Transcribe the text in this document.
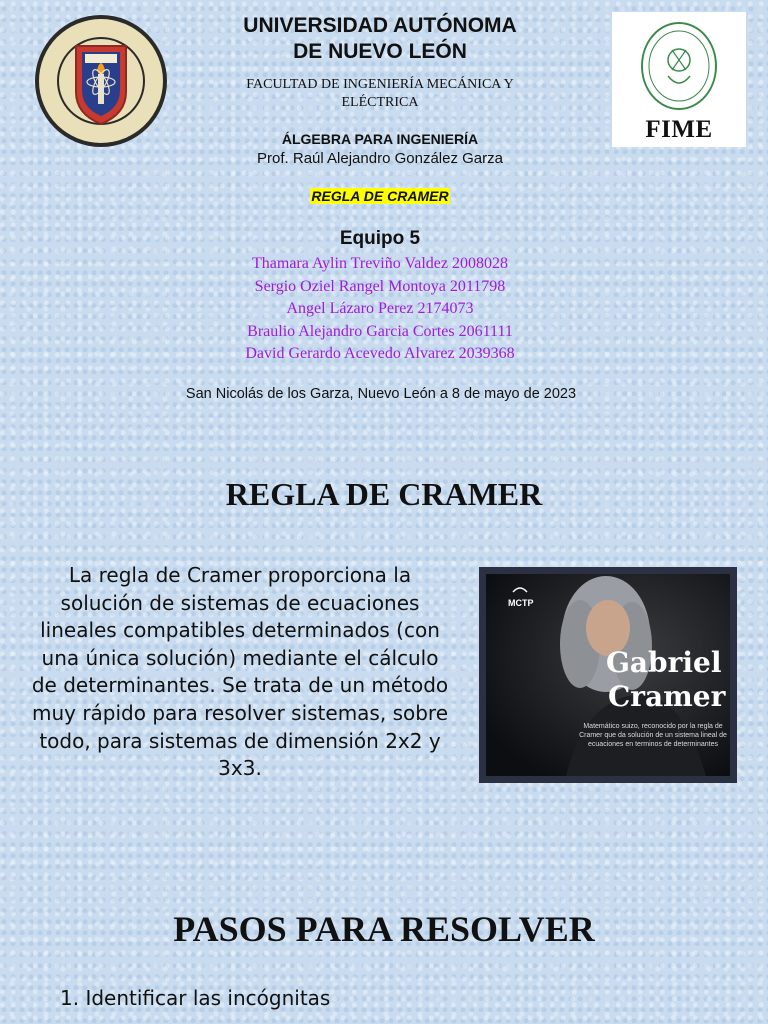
UNIVERSIDAD AUTÓNOMA
DE NUEVO LEÓN
FACULTAD DE INGENIERÍA MECÁNICA Y ELÉCTRICA
ÁLGEBRA PARA INGENIERÍA
Prof. Raúl Alejandro González Garza
REGLA DE CRAMER
Equipo 5
Thamara Aylin Treviño Valdez 2008028
Sergio Oziel Rangel Montoya 2011798
Angel Lázaro Perez 2174073
Braulio Alejandro Garcia Cortes 2061111
David Gerardo Acevedo Alvarez 2039368
San Nicolás de los Garza, Nuevo León a 8 de mayo de 2023
FIME
REGLA DE CRAMER
La regla de Cramer proporciona la solución de sistemas de ecuaciones lineales compatibles determinados (con una única solución) mediante el cálculo de determinantes. Se trata de un método muy rápido para resolver sistemas, sobre todo, para sistemas de dimensión 2x2 y 3x3.
MCTP
Gabriel
Cramer
Matemático suizo, reconocido por la regla de Cramer que da solución de un sistema lineal de ecuaciones en terminos de determinantes
PASOS PARA RESOLVER
1. Identificar las incógnitas
